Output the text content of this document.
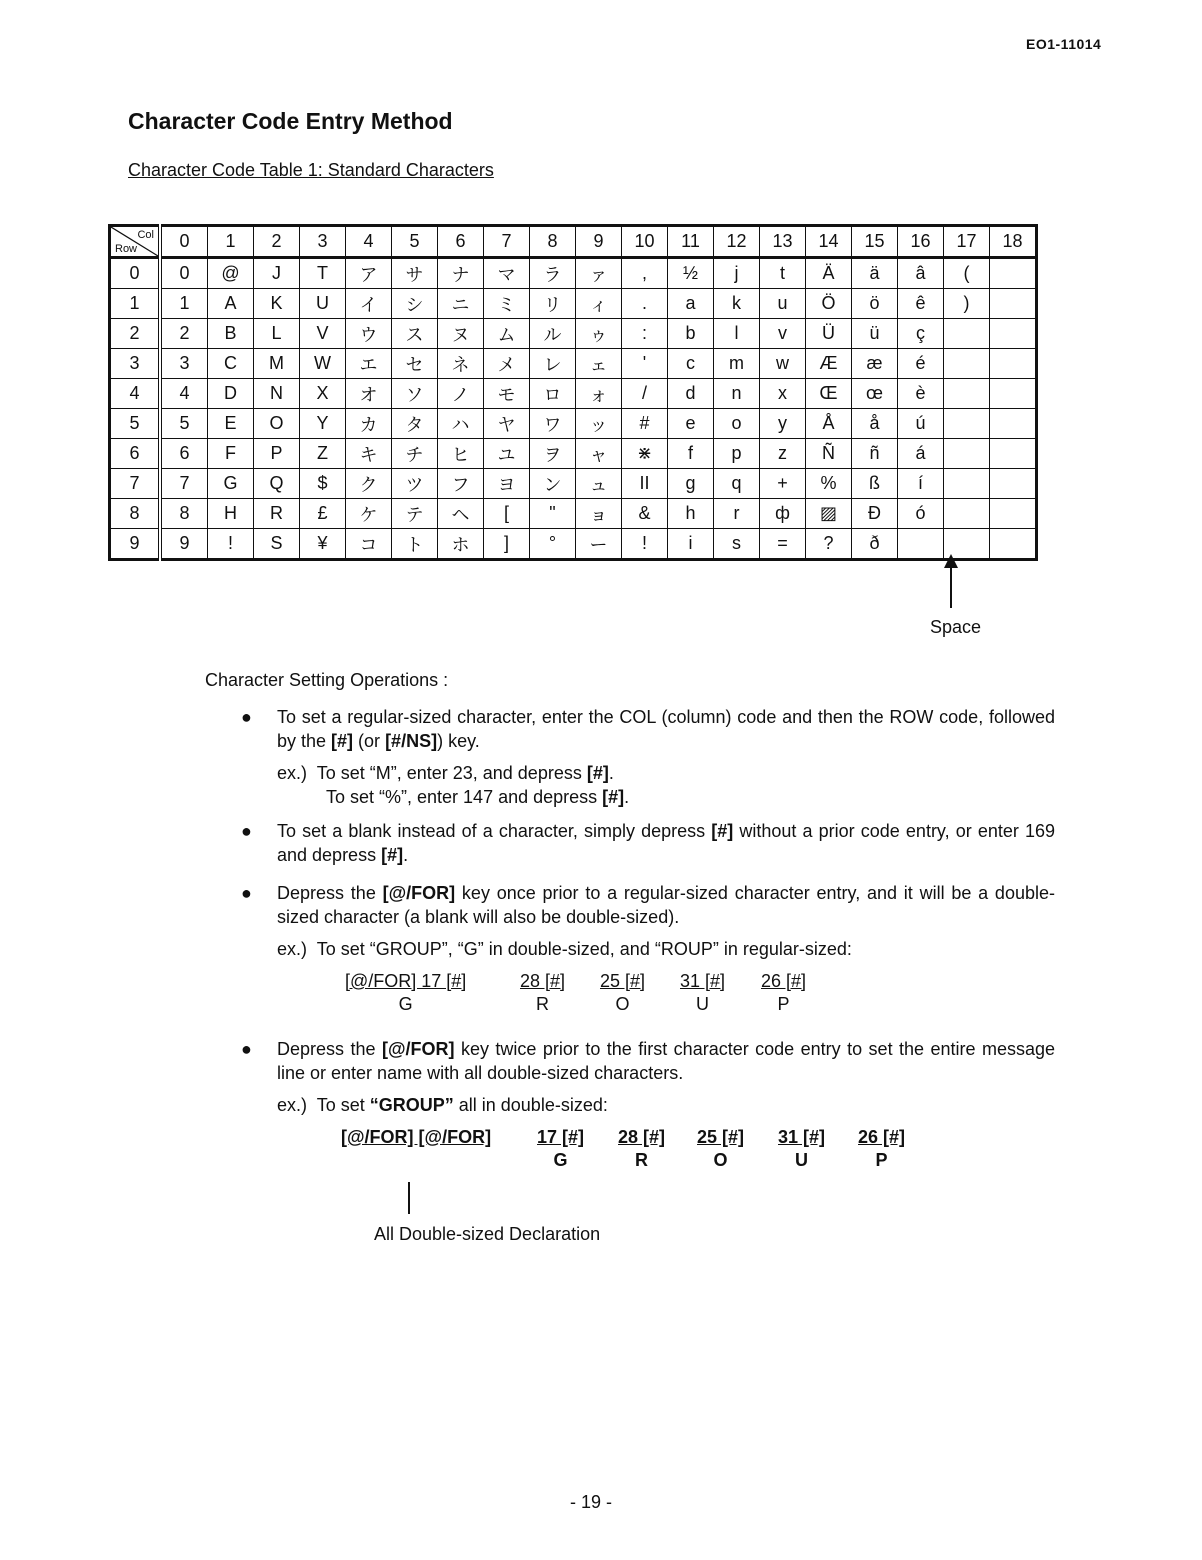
EO1-11014
Character Code Entry Method
Character Code Table 1: Standard Characters
Col
Row	0	1	2	3	4	5	6	7	8	9	10	11	12	13	14	15	16	17	18
0	0	@	J	T	ア	サ	ナ	マ	ラ	ァ	,	½	j	t	Ä	ä	â	(	
1	1	A	K	U	イ	シ	ニ	ミ	リ	ィ	.	a	k	u	Ö	ö	ê	)	
2	2	B	L	V	ウ	ス	ヌ	ム	ル	ゥ	:	b	l	v	Ü	ü	ç		
3	3	C	M	W	エ	セ	ネ	メ	レ	ェ	'	c	m	w	Æ	æ	é		
4	4	D	N	X	オ	ソ	ノ	モ	ロ	ォ	/	d	n	x	Œ	œ	è		
5	5	E	O	Y	カ	タ	ハ	ヤ	ワ	ッ	#	e	o	y	Å	å	ú		
6	6	F	P	Z	キ	チ	ヒ	ユ	ヲ	ャ	⋇	f	p	z	Ñ	ñ	á		
7	7	G	Q	$	ク	ツ	フ	ヨ	ン	ュ	II	g	q	+	%	ß	í		
8	8	H	R	£	ケ	テ	ヘ	[	"	ョ	&	h	r	ф	▨	Ð	ó		
9	9	!	S	¥	コ	ト	ホ	]	°	ー	!	i	s	=	?	ð			
Space

Character Setting Operations :

● To set a regular-sized character, enter the COL (column) code and then the ROW code, followed by the [#] (or [#/NS]) key.

ex.) To set “M”, enter 23, and depress [#].
To set “%”, enter 147 and depress [#].

● To set a blank instead of a character, simply depress [#] without a prior code entry, or enter 169 and depress [#].

● Depress the [@/FOR] key once prior to a regular-sized character entry, and it will be a double-sized character (a blank will also be double-sized).

ex.) To set “GROUP”, “G” in double-sized, and “ROUP” in regular-sized:
[@/FOR] 17 [#]
G
28 [#]
R
25 [#]
O
31 [#]
U
26 [#]
P

● Depress the [@/FOR] key twice prior to the first character code entry to set the entire message line or enter name with all double-sized characters.

ex.) To set “GROUP” all in double-sized:
[@/FOR] [@/FOR]	17 [#]
G
28 [#]
R
25 [#]
O
31 [#]
U
26 [#]
P
All Double-sized Declaration
- 19 -
